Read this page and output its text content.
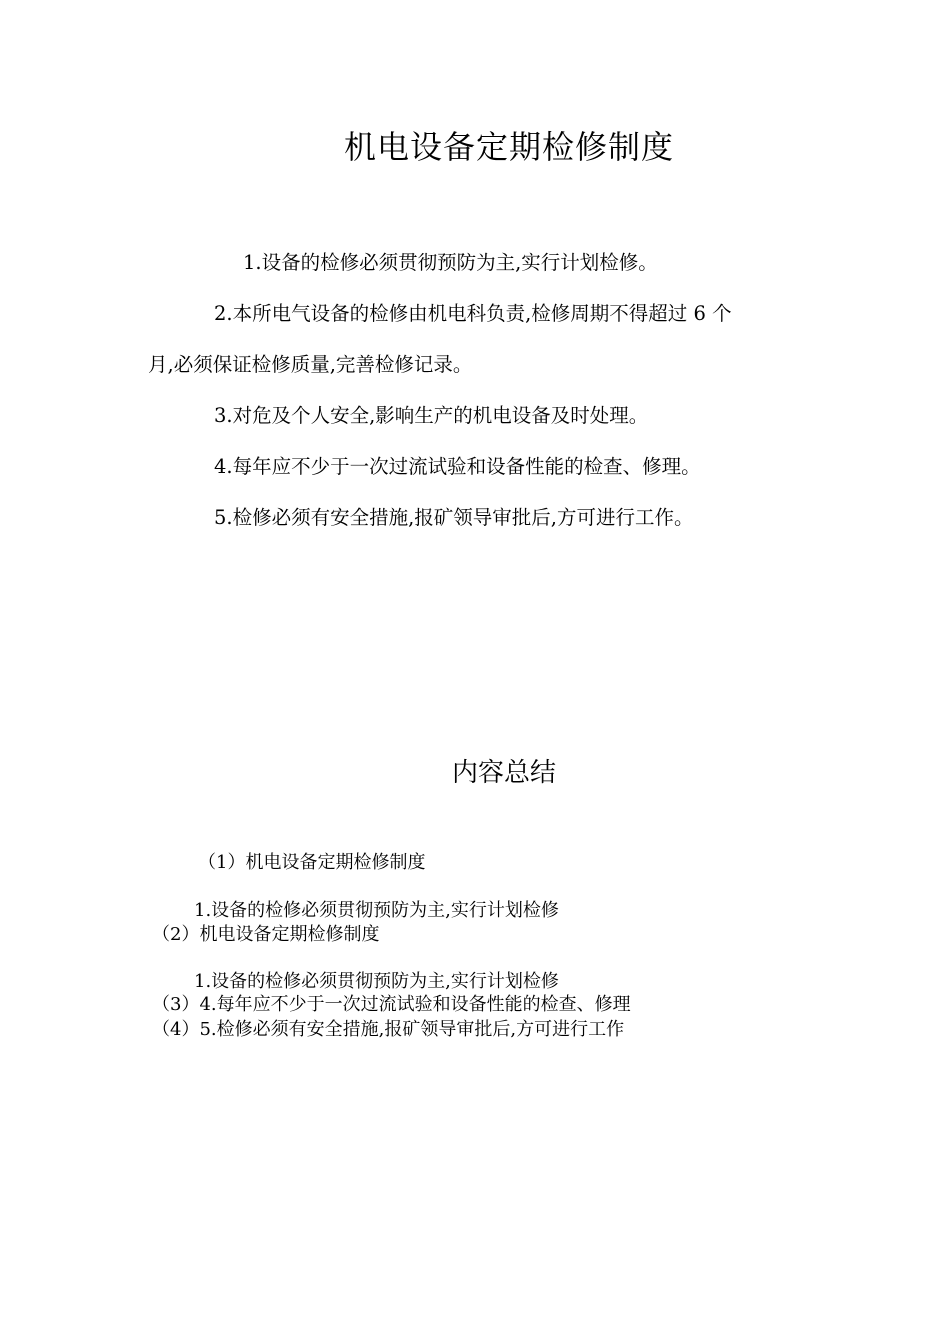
机电设备定期检修制度
1.设备的检修必须贯彻预防为主,实行计划检修。
2.本所电气设备的检修由机电科负责,检修周期不得超过 6 个
月,必须保证检修质量,完善检修记录。
3.对危及个人安全,影响生产的机电设备及时处理。
4.每年应不少于一次过流试验和设备性能的检查、修理。
5.检修必须有安全措施,报矿领导审批后,方可进行工作。
内容总结
（1）机电设备定期检修制度
1.设备的检修必须贯彻预防为主,实行计划检修
（2）机电设备定期检修制度
1.设备的检修必须贯彻预防为主,实行计划检修
（3）4.每年应不少于一次过流试验和设备性能的检查、修理
（4）5.检修必须有安全措施,报矿领导审批后,方可进行工作
